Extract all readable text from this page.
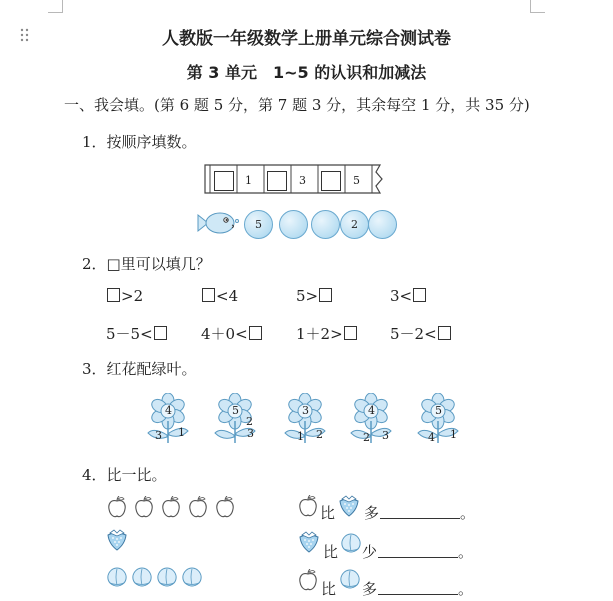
人教版一年级数学上册单元综合测试卷
第 3 单元　1~5 的认识和加减法
一、我会填。(第 6 题 5 分，第 7 题 3 分，其余每空 1 分，共 35 分)
1．按顺序填数。
1	3	5
5	2
2．□里可以填几？
>2	<4	5>	3<
5－5<	4＋0<	1＋2>	5－2<
3．红花配绿叶。
4
3 1
5
3
2
3
1 2
4
2 3
5
4 1
4．比一比。
比 多	。
比 少	。
比 多	。
